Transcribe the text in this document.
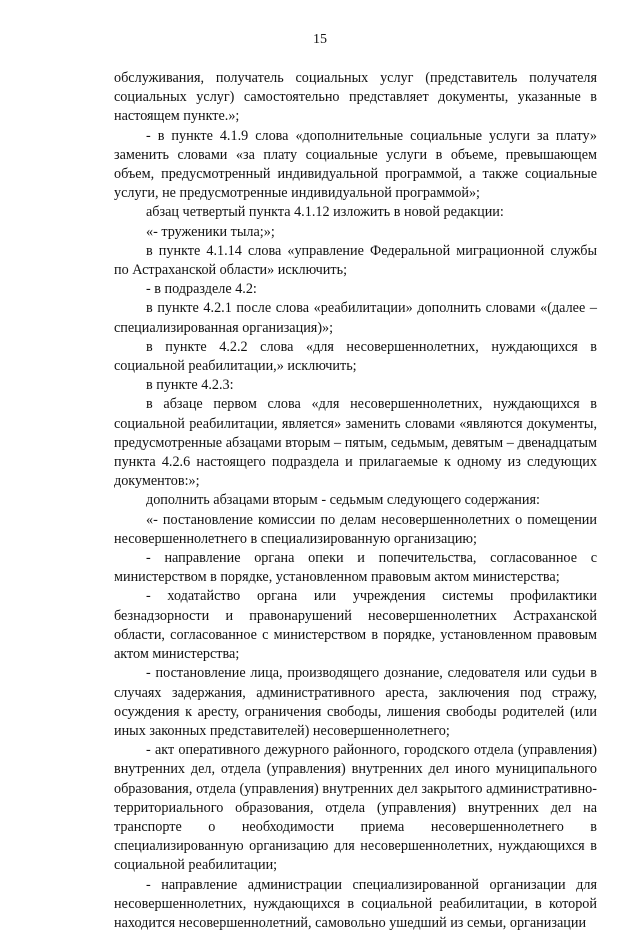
15

обслуживания, получатель социальных услуг (представитель получателя социальных услуг) самостоятельно представляет документы, указанные в настоящем пункте.»;

- в пункте 4.1.9 слова «дополнительные социальные услуги за плату» заменить словами «за плату социальные услуги в объеме, превышающем объем, предусмотренный индивидуальной программой, а также социальные услуги, не предусмотренные индивидуальной программой»;

абзац четвертый пункта 4.1.12 изложить в новой редакции:

«- труженики тыла;»;

в пункте 4.1.14 слова «управление Федеральной миграционной службы по Астраханской области» исключить;

- в подразделе 4.2:

в пункте 4.2.1 после слова «реабилитации» дополнить словами «(далее – специализированная организация)»;

в пункте 4.2.2 слова «для несовершеннолетних, нуждающихся в социальной реабилитации,» исключить;

в пункте 4.2.3:

в абзаце первом слова «для несовершеннолетних, нуждающихся в социальной реабилитации, является» заменить словами «являются документы, предусмотренные абзацами вторым – пятым, седьмым, девятым – двенадцатым пункта 4.2.6 настоящего подраздела и прилагаемые к одному из следующих документов:»;

дополнить абзацами вторым - седьмым следующего содержания:

«- постановление комиссии по делам несовершеннолетних о помещении несовершеннолетнего в специализированную организацию;

- направление органа опеки и попечительства, согласованное с министерством в порядке, установленном правовым актом министерства;

- ходатайство органа или учреждения системы профилактики безнадзорности и правонарушений несовершеннолетних Астраханской области, согласованное с министерством в порядке, установленном правовым актом министерства;

- постановление лица, производящего дознание, следователя или судьи в случаях задержания, административного ареста, заключения под стражу, осуждения к аресту, ограничения свободы, лишения свободы родителей (или иных законных представителей) несовершеннолетнего;

- акт оперативного дежурного районного, городского отдела (управления) внутренних дел, отдела (управления) внутренних дел иного муниципального образования, отдела (управления) внутренних дел закрытого административно-территориального образования, отдела (управления) внутренних дел на транспорте о необходимости приема несовершеннолетнего в специализированную организацию для несовершеннолетних, нуждающихся в социальной реабилитации;

- направление администрации специализированной организации для несовершеннолетних, нуждающихся в социальной реабилитации, в которой находится несовершеннолетний, самовольно ушедший из семьи, организации
